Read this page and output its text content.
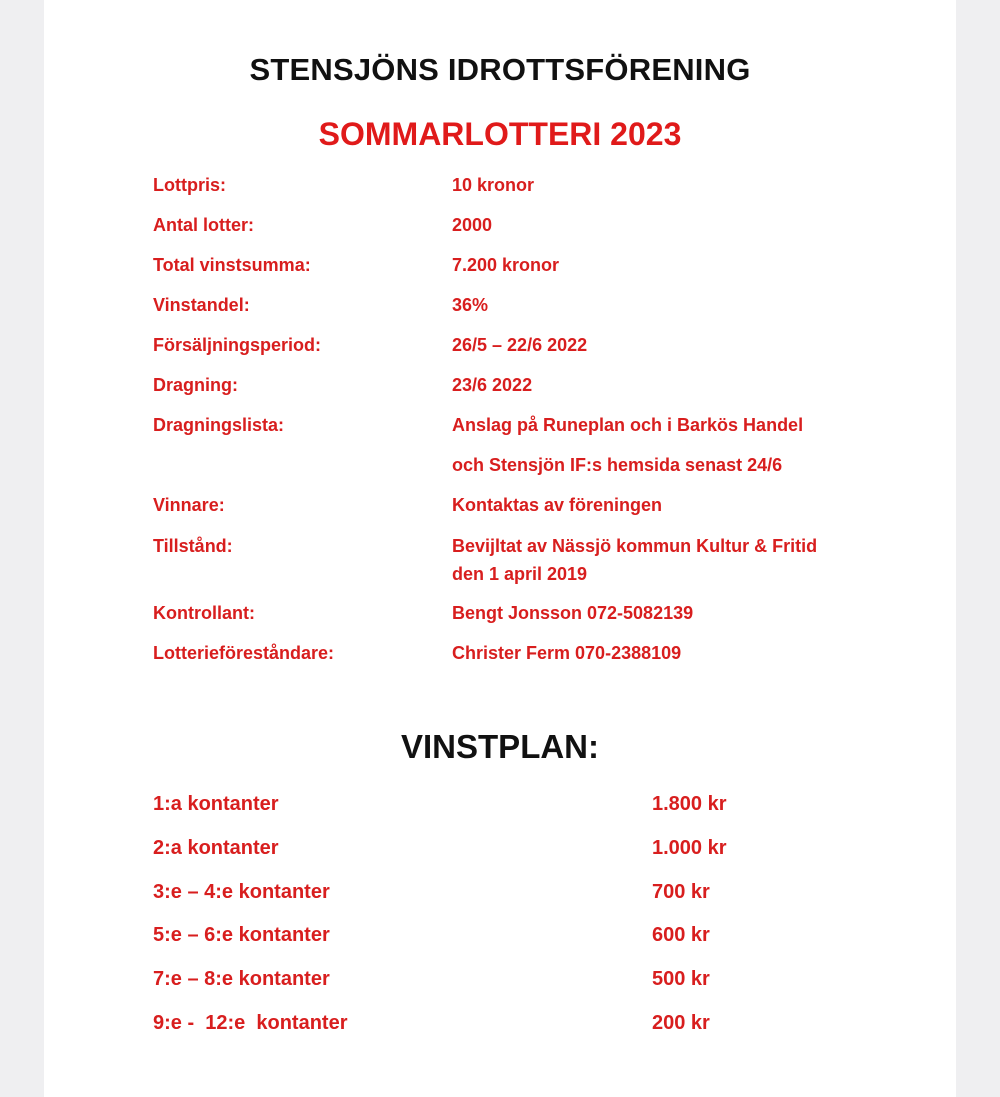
STENSJÖNS IDROTTSFÖRENING
SOMMARLOTTERI 2023
Lottpris:	10 kronor
Antal lotter:	2000
Total vinstsumma:	7.200 kronor
Vinstandel:	36%
Försäljningsperiod:	26/5 – 22/6 2022
Dragning:	23/6 2022
Dragningslista:	Anslag på Runeplan och i Barkös Handel
och Stensjön IF:s hemsida senast 24/6
Vinnare:	Kontaktas av föreningen
Tillstånd:	Bevijltat av Nässjö kommun Kultur & Fritid
den 1 april 2019
Kontrollant:	Bengt Jonsson 072-5082139
Lotterieföreståndare:	Christer Ferm 070-2388109
VINSTPLAN:
1:a kontanter	1.800 kr
2:a kontanter	1.000 kr
3:e – 4:e kontanter	700 kr
5:e – 6:e kontanter	600 kr
7:e – 8:e kontanter	500 kr
9:e -  12:e  kontanter	200 kr
